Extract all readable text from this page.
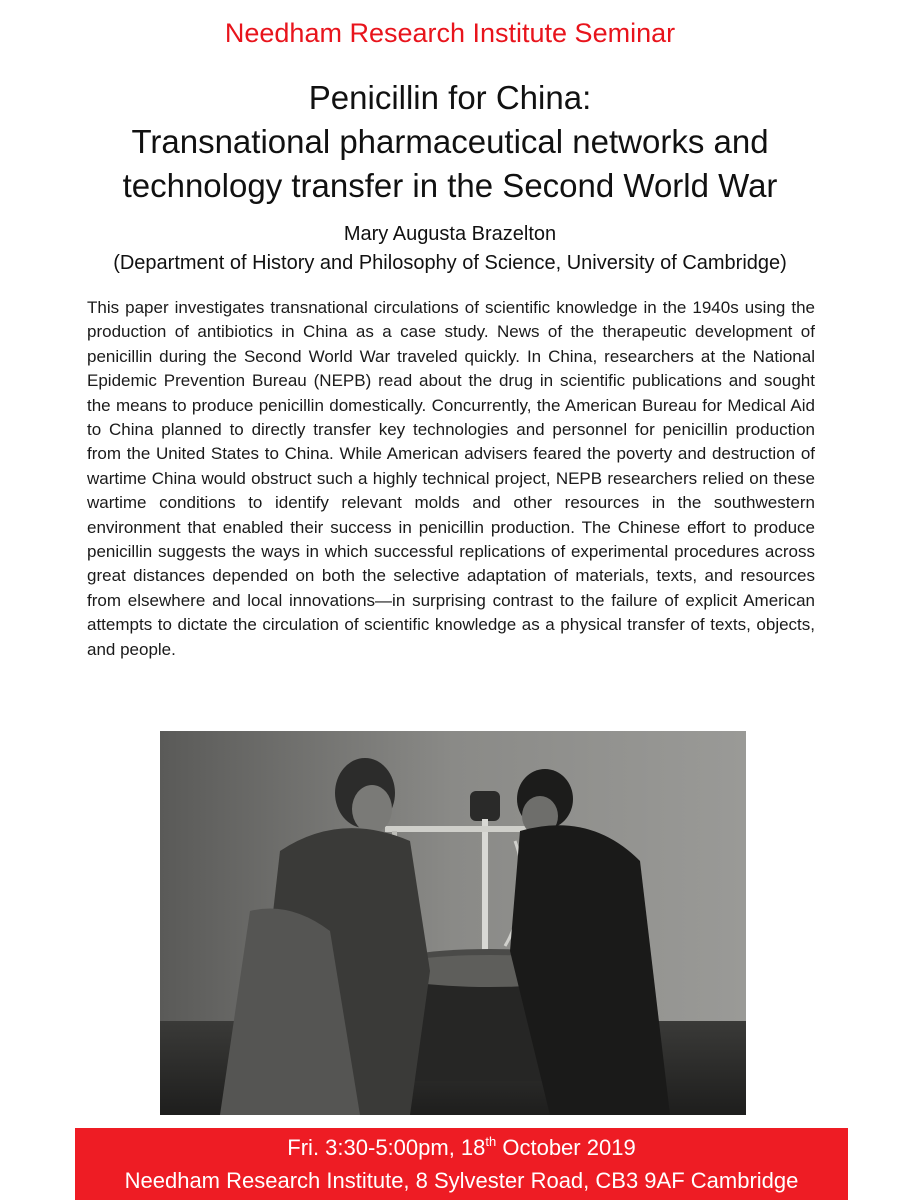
Needham Research Institute Seminar
Penicillin for China:
Transnational pharmaceutical networks and
technology transfer in the Second World War
Mary Augusta Brazelton
(Department of History and Philosophy of Science, University of Cambridge)
This paper investigates transnational circulations of scientific knowledge in the 1940s using the production of antibiotics in China as a case study. News of the therapeutic development of penicillin during the Second World War traveled quickly. In China, researchers at the National Epidemic Prevention Bureau (NEPB) read about the drug in scientific publications and sought the means to produce penicillin domestically. Concurrently, the American Bureau for Medical Aid to China planned to directly transfer key technologies and personnel for penicillin production from the United States to China. While American advisers feared the poverty and destruction of wartime China would obstruct such a highly technical project, NEPB researchers relied on these wartime conditions to identify relevant molds and other resources in the southwestern environment that enabled their success in penicillin production. The Chinese effort to produce penicillin suggests the ways in which successful replications of experimental procedures across great distances depended on both the selective adaptation of materials, texts, and resources from elsewhere and local innovations—in surprising contrast to the failure of explicit American attempts to dictate the circulation of scientific knowledge as a physical transfer of texts, objects, and people.
Fri. 3:30-5:00pm, 18th October 2019
Needham Research Institute, 8 Sylvester Road, CB3 9AF Cambridge
